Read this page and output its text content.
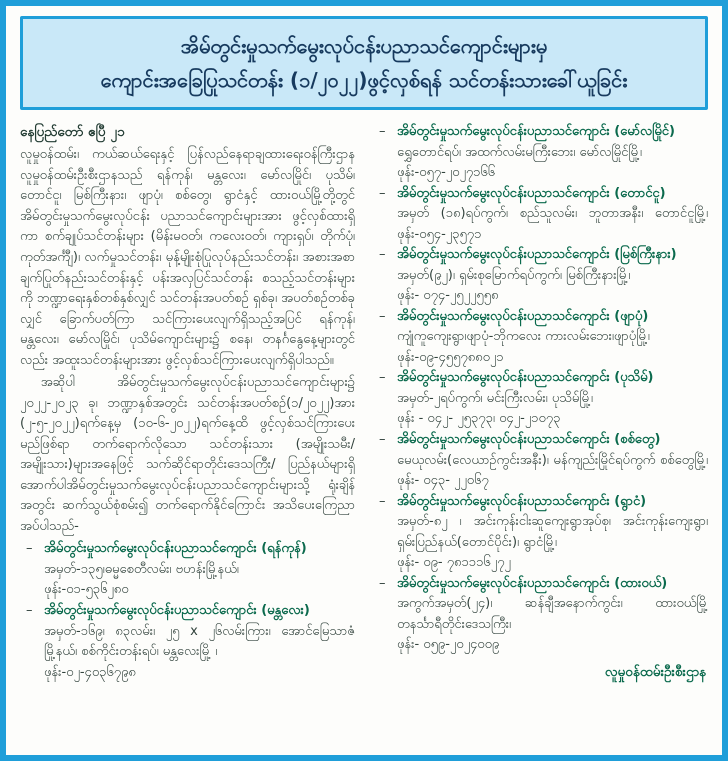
အိမ်တွင်းမှုသက်မွေးလုပ်ငန်းပညာသင်ကျောင်းများမှ
ကျောင်းအခြေပြုသင်တန်း (၁/၂၀၂၂)ဖွင့်လှစ်ရန် သင်တန်းသားခေါ်ယူခြင်း
နေပြည်တော် ဧပြီ ၂၁

လူမှုဝန်ထမ်း၊ ကယ်ဆယ်ရေးနှင့် ပြန်လည်နေရာချထားရေးဝန်ကြီးဌာန လူမှုဝန်ထမ်းဦးစီးဌာနသည် ရန်ကုန်၊ မန္တလေး၊ မော်လမြိုင်၊ ပုသိမ်၊ တောင်ငူ၊ မြစ်ကြီးနား၊ ဖျာပုံ၊ စစ်တွေ၊ ရွာငံနှင့် ထားဝယ်မြို့တို့တွင် အိမ်တွင်းမှုသက်မွေးလုပ်ငန်း ပညာသင်ကျောင်းများအား ဖွင့်လှစ်ထားရှိကာ စက်ချုပ်သင်တန်းများ (မိန်းမဝတ်၊ ကလေးဝတ်၊ ကျားရှပ်၊ တိုက်ပုံ၊ ကုတ်အင်္ကျီ)၊ လက်မှုသင်တန်း၊ မုန့်မျိုးစုံပြုလုပ်နည်းသင်တန်း၊ အစားအစာချက်ပြုတ်နည်းသင်တန်းနှင့် ပန်းအလှပြင်သင်တန်း စသည့်သင်တန်းများကို ဘဏ္ဍာရေးနှစ်တစ်နှစ်လျှင် သင်တန်းအပတ်စဉ် ရှစ်ခု၊ အပတ်စဉ်တစ်ခုလျှင် ခြောက်ပတ်ကြာ သင်ကြားပေးလျက်ရှိသည့်အပြင် ရန်ကုန်၊ မန္တလေး၊ မော်လမြိုင်၊ ပုသိမ်ကျောင်းများ၌ စနေ၊ တနင်္ဂနွေနေ့များတွင်လည်း အထူးသင်တန်းများအား ဖွင့်လှစ်သင်ကြားပေးလျက်ရှိပါသည်။

အဆိုပါ အိမ်တွင်းမှုသက်မွေးလုပ်ငန်းပညာသင်ကျောင်းများ၌ ၂၀၂၂-၂၀၂၃ ခု၊ ဘဏ္ဍာနှစ်အတွင်း သင်တန်းအပတ်စဉ်(၁/၂၀၂၂)အား (၂-၅-၂၀၂၂)ရက်နေ့မှ (၁၀-၆-၂၀၂၂)ရက်နေ့ထိ ဖွင့်လှစ်သင်ကြားပေးမည်ဖြစ်ရာ တက်ရောက်လိုသော သင်တန်းသား (အမျိုးသမီး/ အမျိုးသား)များအနေဖြင့် သက်ဆိုင်ရာတိုင်းဒေသကြီး/ ပြည်နယ်များရှိ အောက်ပါအိမ်တွင်းမှုသက်မွေးလုပ်ငန်းပညာသင်ကျောင်းများသို့ ရုံးချိန်အတွင်း ဆက်သွယ်စုံစမ်း၍ တက်ရောက်နိုင်ကြောင်း အသိပေးကြေညာအပ်ပါသည်-

– အိမ်တွင်းမှုသက်မွေးလုပ်ငန်းပညာသင်ကျောင်း (ရန်ကုန်)
အမှတ်-၁၃၅၊ဓမ္မစေတီလမ်း၊ ဗဟန်းမြို့နယ်၊
ဖုန်း-၀၁-၅၃၆၂၈၀
– အိမ်တွင်းမှုသက်မွေးလုပ်ငန်းပညာသင်ကျောင်း (မန္တလေး)
အမှတ်-၁၆၉၊ ၈၃လမ်း၊ ၂၅ x ၂၆လမ်းကြား၊ အောင်မြေသာဇံမြို့နယ်၊ စစ်ကိုင်းတန်းရပ်၊ မန္တလေးမြို့ ၊
ဖုန်း-၀၂-၄၀၃၆၇၉၈
– အိမ်တွင်းမှုသက်မွေးလုပ်ငန်းပညာသင်ကျောင်း (မော်လမြိုင်)
ရွှေတောင်ရပ်၊ အထက်လမ်းမကြီးဘေး၊ မော်လမြိုင်မြို့၊
ဖုန်း-၀၅၇-၂၀၂၇၁၆၆
– အိမ်တွင်းမှုသက်မွေးလုပ်ငန်းပညာသင်ကျောင်း (တောင်ငူ)
အမှတ် (၁၈)ရပ်ကွက်၊ စည်သူလမ်း၊ ဘူတာအနီး၊ တောင်ငူမြို့၊ ဖုန်း-၀၅၄-၂၃၅၇၁
– အိမ်တွင်းမှုသက်မွေးလုပ်ငန်းပညာသင်ကျောင်း (မြစ်ကြီးနား)
အမှတ်(၉၂)၊ ရှမ်းစုမြောက်ရပ်ကွက်၊ မြစ်ကြီးနားမြို့၊
ဖုန်း- ၀၇၄-၂၅၂၂၅၅၈
– အိမ်တွင်းမှုသက်မွေးလုပ်ငန်းပညာသင်ကျောင်း (ဖျာပုံ)
ကျုံကူကျေးရွာ၊ဖျာပုံ-ဘိုကလေး ကားလမ်းဘေး၊ဖျာပုံမြို့၊
ဖုန်း-၀၉-၄၅၅၇၈၈၀၂၁
– အိမ်တွင်းမှုသက်မွေးလုပ်ငန်းပညာသင်ကျောင်း (ပုသိမ်)
အမှတ်-၂ရပ်ကွက်၊ မင်းကြီးလမ်း၊ ပုသိမ်မြို့၊
ဖုန်း - ၀၄၂- ၂၅၃၇၃၊ ၀၄၂-၂၁၀၇၃
– အိမ်တွင်းမှုသက်မွေးလုပ်ငန်းပညာသင်ကျောင်း (စစ်တွေ)
မေယုလမ်း(လေယာဉ်ကွင်းအနီး)၊ မန်ကျည်းမြိုင်ရပ်ကွက် စစ်တွေမြို့၊ ဖုန်း- ၀၄၃- ၂၂၀၆၇
– အိမ်တွင်းမှုသက်မွေးလုပ်ငန်းပညာသင်ကျောင်း (ရွာငံ)
အမှတ်-၈၂ ၊ အင်းကုန်းငါးဆူကျေးရွာအုပ်စု၊ အင်းကုန်းကျေးရွာ၊ ရှမ်းပြည်နယ်(တောင်ပိုင်း)၊ ရွာငံမြို့၊
ဖုန်း- ၀၉- ၇၈၁၁၁၆၂၇၂
– အိမ်တွင်းမှုသက်မွေးလုပ်ငန်းပညာသင်ကျောင်း (ထားဝယ်)
အကွက်အမှတ်(၂၄)၊ ဆန်ချီအနောက်ကွင်း၊ ထားဝယ်မြို့ တနင်္သာရီတိုင်းဒေသကြီး၊
ဖုန်း- ၀၅၉-၂၀၂၄၀၀၉
လူမှုဝန်ထမ်းဦးစီးဌာန
